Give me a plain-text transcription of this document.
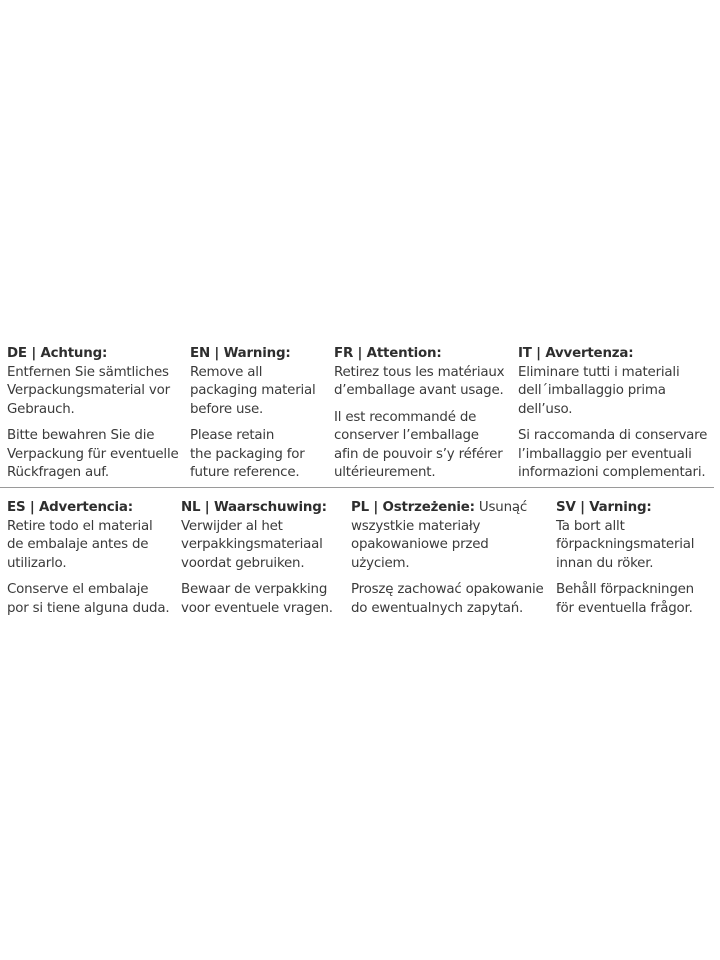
DE | Achtung:
Entfernen Sie sämtliches
Verpackungsmaterial vor
Gebrauch.
Bitte bewahren Sie die
Verpackung für eventuelle
Rückfragen auf.
EN | Warning:
Remove all
packaging material
before use.
Please retain
the packaging for
future reference.
FR | Attention:
Retirez tous les matériaux
d’emballage avant usage.
Il est recommandé de
conserver l’emballage
afin de pouvoir s’y référer
ultérieurement.
IT | Avvertenza:
Eliminare tutti i materiali
dell´imballaggio prima
dell’uso.
Si raccomanda di conservare
l’imballaggio per eventuali
informazioni complementari.
ES | Advertencia:
Retire todo el material
de embalaje antes de
utilizarlo.
Conserve el embalaje
por si tiene alguna duda.
NL | Waarschuwing:
Verwijder al het
verpakkingsmateriaal
voordat gebruiken.
Bewaar de verpakking
voor eventuele vragen.
PL | Ostrzeżenie: Usunąć
wszystkie materiały
opakowaniowe przed
użyciem.
Proszę zachować opakowanie
do ewentualnych zapytań.
SV | Varning:
Ta bort allt
förpackningsmaterial
innan du röker.
Behåll förpackningen
för eventuella frågor.
